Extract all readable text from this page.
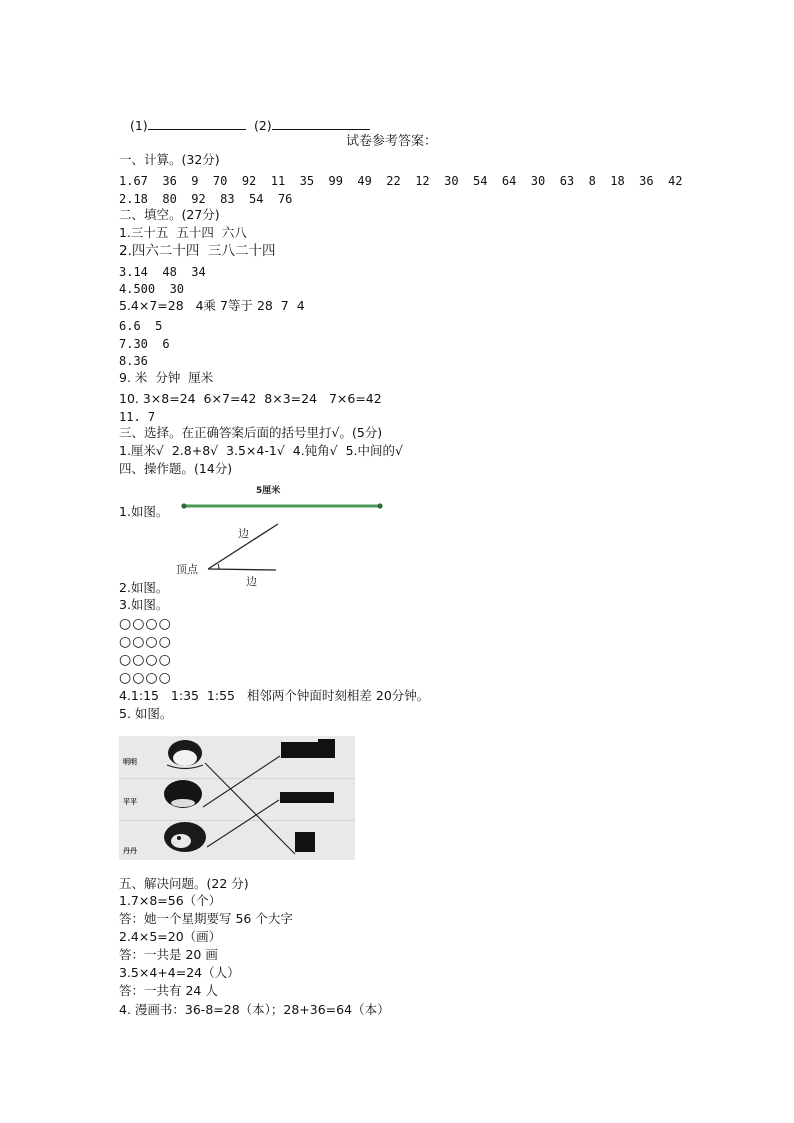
(1)	(2)

试卷参考答案：
一、计算。(32分)
1.67  36  9  70  92  11  35  99  49  22  12  30  54  64  30  63  8  18  36  42
2.18  80  92  83  54  76
二、填空。(27分)
1.三十五  五十四  六八
2.四六二十四  三八二十四
3.14  48  34
4.500  30
5.4×7=28   4乘 7等于 28  7  4
6.6  5
7.30  6
8.36
9. 米  分钟  厘米
10. 3×8=24  6×7=42  8×3=24   7×6=42
11. 7
三、选择。在正确答案后面的括号里打√。(5分)
1.厘米√  2.8+8√  3.5×4-1√  4.钝角√  5.中间的√
四、操作题。(14分)
1.如图。
5厘米
边
顶点
边
2.如图。
3.如图。
○○○○
○○○○
○○○○
○○○○
4.1:15   1:35  1:55   相邻两个钟面时刻相差 20分钟。
5. 如图。
明明
平平
丹丹
五、解决问题。(22 分)
1.7×8=56（个）
答：她一个星期要写 56 个大字
2.4×5=20（画）
答：一共是 20 画
3.5×4+4=24（人）
答：一共有 24 人
4. 漫画书：36-8=28（本）；28+36=64（本）
